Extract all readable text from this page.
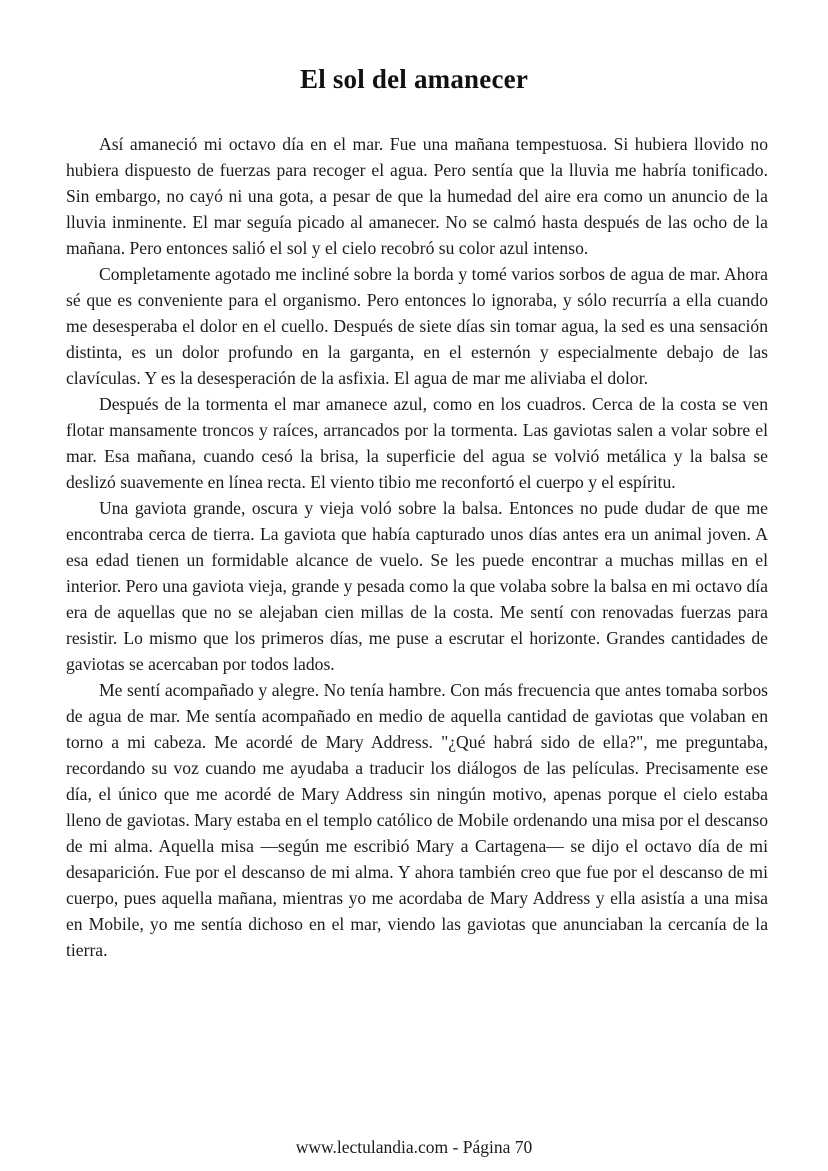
El sol del amanecer

Así amaneció mi octavo día en el mar. Fue una mañana tempestuosa. Si hubiera llovido no hubiera dispuesto de fuerzas para recoger el agua. Pero sentía que la lluvia me habría tonificado. Sin embargo, no cayó ni una gota, a pesar de que la humedad del aire era como un anuncio de la lluvia inminente. El mar seguía picado al amanecer. No se calmó hasta después de las ocho de la mañana. Pero entonces salió el sol y el cielo recobró su color azul intenso.

Completamente agotado me incliné sobre la borda y tomé varios sorbos de agua de mar. Ahora sé que es conveniente para el organismo. Pero entonces lo ignoraba, y sólo recurría a ella cuando me desesperaba el dolor en el cuello. Después de siete días sin tomar agua, la sed es una sensación distinta, es un dolor profundo en la garganta, en el esternón y especialmente debajo de las clavículas. Y es la desesperación de la asfixia. El agua de mar me aliviaba el dolor.

Después de la tormenta el mar amanece azul, como en los cuadros. Cerca de la costa se ven flotar mansamente troncos y raíces, arrancados por la tormenta. Las gaviotas salen a volar sobre el mar. Esa mañana, cuando cesó la brisa, la superficie del agua se volvió metálica y la balsa se deslizó suavemente en línea recta. El viento tibio me reconfortó el cuerpo y el espíritu.

Una gaviota grande, oscura y vieja voló sobre la balsa. Entonces no pude dudar de que me encontraba cerca de tierra. La gaviota que había capturado unos días antes era un animal joven. A esa edad tienen un formidable alcance de vuelo. Se les puede encontrar a muchas millas en el interior. Pero una gaviota vieja, grande y pesada como la que volaba sobre la balsa en mi octavo día era de aquellas que no se alejaban cien millas de la costa. Me sentí con renovadas fuerzas para resistir. Lo mismo que los primeros días, me puse a escrutar el horizonte. Grandes cantidades de gaviotas se acercaban por todos lados.

Me sentí acompañado y alegre. No tenía hambre. Con más frecuencia que antes tomaba sorbos de agua de mar. Me sentía acompañado en medio de aquella cantidad de gaviotas que volaban en torno a mi cabeza. Me acordé de Mary Address. "¿Qué habrá sido de ella?", me preguntaba, recordando su voz cuando me ayudaba a traducir los diálogos de las películas. Precisamente ese día, el único que me acordé de Mary Address sin ningún motivo, apenas porque el cielo estaba lleno de gaviotas. Mary estaba en el templo católico de Mobile ordenando una misa por el descanso de mi alma. Aquella misa —según me escribió Mary a Cartagena— se dijo el octavo día de mi desaparición. Fue por el descanso de mi alma. Y ahora también creo que fue por el descanso de mi cuerpo, pues aquella mañana, mientras yo me acordaba de Mary Address y ella asistía a una misa en Mobile, yo me sentía dichoso en el mar, viendo las gaviotas que anunciaban la cercanía de la tierra.

www.lectulandia.com - Página 70
